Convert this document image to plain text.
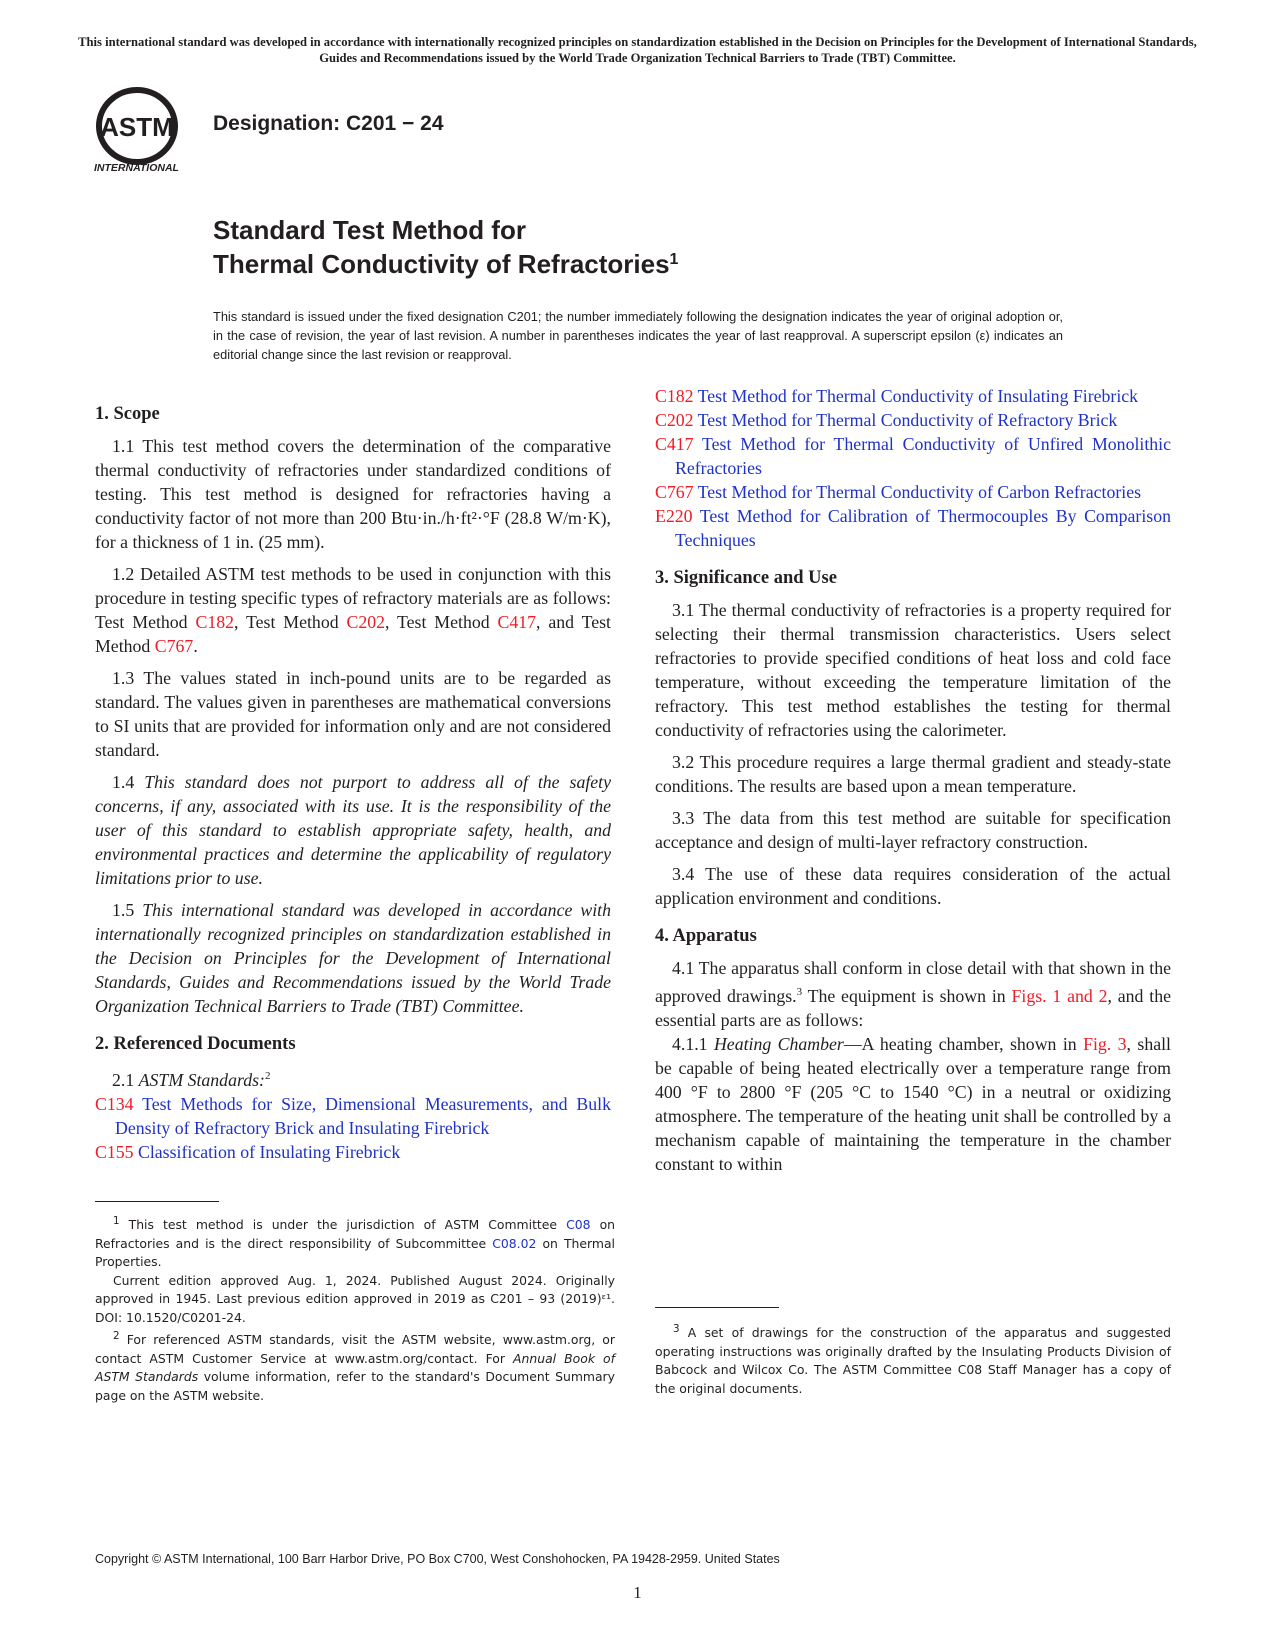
This international standard was developed in accordance with internationally recognized principles on standardization established in the Decision on Principles for the Development of International Standards, Guides and Recommendations issued by the World Trade Organization Technical Barriers to Trade (TBT) Committee.
ASTM
INTERNATIONAL
Designation: C201 − 24
Standard Test Method for
Thermal Conductivity of Refractories$^1$
This standard is issued under the fixed designation C201; the number immediately following the designation indicates the year of original adoption or, in the case of revision, the year of last revision. A number in parentheses indicates the year of last reapproval. A superscript epsilon (ε) indicates an editorial change since the last revision or reapproval.
1. Scope

1.1 This test method covers the determination of the comparative thermal conductivity of refractories under standardized conditions of testing. This test method is designed for refractories having a conductivity factor of not more than 200 Btu·in./h·ft²·°F (28.8 W/m·K), for a thickness of 1 in. (25 mm).

1.2 Detailed ASTM test methods to be used in conjunction with this procedure in testing specific types of refractory materials are as follows: Test Method C182, Test Method C202, Test Method C417, and Test Method C767.

1.3 The values stated in inch-pound units are to be regarded as standard. The values given in parentheses are mathematical conversions to SI units that are provided for information only and are not considered standard.

1.4 This standard does not purport to address all of the safety concerns, if any, associated with its use. It is the responsibility of the user of this standard to establish appropriate safety, health, and environmental practices and determine the applicability of regulatory limitations prior to use.

1.5 This international standard was developed in accordance with internationally recognized principles on standardization established in the Decision on Principles for the Development of International Standards, Guides and Recommendations issued by the World Trade Organization Technical Barriers to Trade (TBT) Committee.

2. Referenced Documents

2.1 ASTM Standards:$^2$

C134 Test Methods for Size, Dimensional Measurements, and Bulk Density of Refractory Brick and Insulating Firebrick
C155 Classification of Insulating Firebrick

$^1$ This test method is under the jurisdiction of ASTM Committee C08 on Refractories and is the direct responsibility of Subcommittee C08.02 on Thermal Properties.

Current edition approved Aug. 1, 2024. Published August 2024. Originally approved in 1945. Last previous edition approved in 2019 as C201 – 93 (2019)ᵋ¹. DOI: 10.1520/C0201-24.

$^2$ For referenced ASTM standards, visit the ASTM website, www.astm.org, or contact ASTM Customer Service at www.astm.org/contact. For Annual Book of ASTM Standards volume information, refer to the standard's Document Summary page on the ASTM website.

C182 Test Method for Thermal Conductivity of Insulating Firebrick
C202 Test Method for Thermal Conductivity of Refractory Brick
C417 Test Method for Thermal Conductivity of Unfired Monolithic Refractories
C767 Test Method for Thermal Conductivity of Carbon Refractories
E220 Test Method for Calibration of Thermocouples By Comparison Techniques
3. Significance and Use

3.1 The thermal conductivity of refractories is a property required for selecting their thermal transmission characteristics. Users select refractories to provide specified conditions of heat loss and cold face temperature, without exceeding the temperature limitation of the refractory. This test method establishes the testing for thermal conductivity of refractories using the calorimeter.

3.2 This procedure requires a large thermal gradient and steady-state conditions. The results are based upon a mean temperature.

3.3 The data from this test method are suitable for specification acceptance and design of multi-layer refractory construction.

3.4 The use of these data requires consideration of the actual application environment and conditions.

4. Apparatus

4.1 The apparatus shall conform in close detail with that shown in the approved drawings.$^3$ The equipment is shown in Figs. 1 and 2, and the essential parts are as follows:

4.1.1 Heating Chamber—A heating chamber, shown in Fig. 3, shall be capable of being heated electrically over a temperature range from 400 °F to 2800 °F (205 °C to 1540 °C) in a neutral or oxidizing atmosphere. The temperature of the heating unit shall be controlled by a mechanism capable of maintaining the temperature in the chamber constant to within

$^3$ A set of drawings for the construction of the apparatus and suggested operating instructions was originally drafted by the Insulating Products Division of Babcock and Wilcox Co. The ASTM Committee C08 Staff Manager has a copy of the original documents.

Copyright © ASTM International, 100 Barr Harbor Drive, PO Box C700, West Conshohocken, PA 19428-2959. United States
1
